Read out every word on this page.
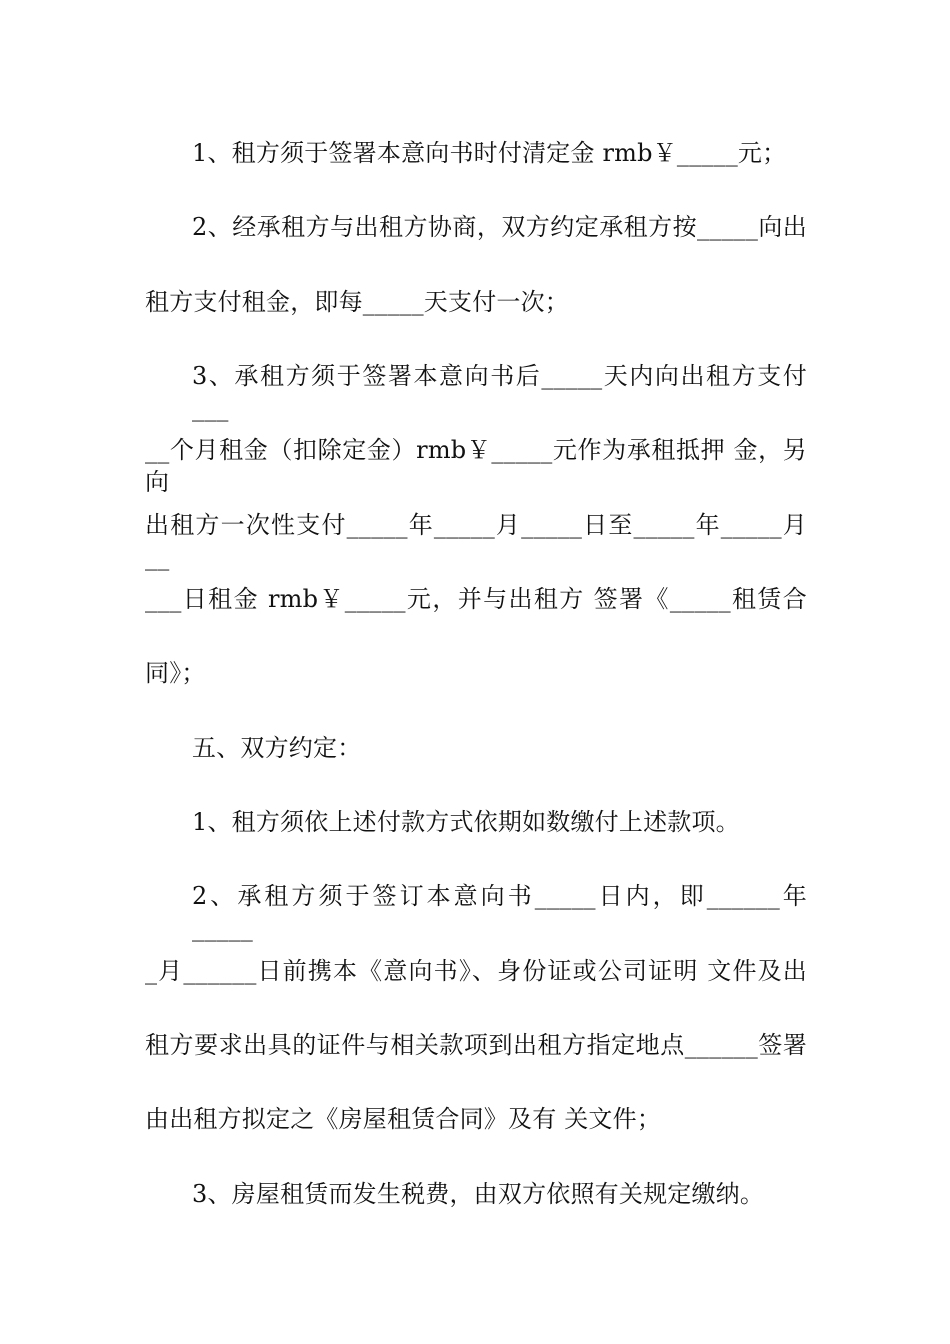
1、租方须于签署本意向书时付清定金 rmb￥_____元；
2、经承租方与出租方协商，双方约定承租方按_____向出
租方支付租金，即每_____天支付一次；
3、承租方须于签署本意向书后_____天内向出租方支付___
__个月租金（扣除定金）rmb￥_____元作为承租抵押 金，另向
出租方一次性支付_____年_____月_____日至_____年_____月__
___日租金 rmb￥_____元，并与出租方 签署《_____租赁合
同》；
五、双方约定：
1、租方须依上述付款方式依期如数缴付上述款项。
2、承租方须于签订本意向书_____日内，即______年_____
_月______日前携本《意向书》、身份证或公司证明 文件及出
租方要求出具的证件与相关款项到出租方指定地点______签署
由出租方拟定之《房屋租赁合同》及有 关文件；
3、房屋租赁而发生税费，由双方依照有关规定缴纳。
